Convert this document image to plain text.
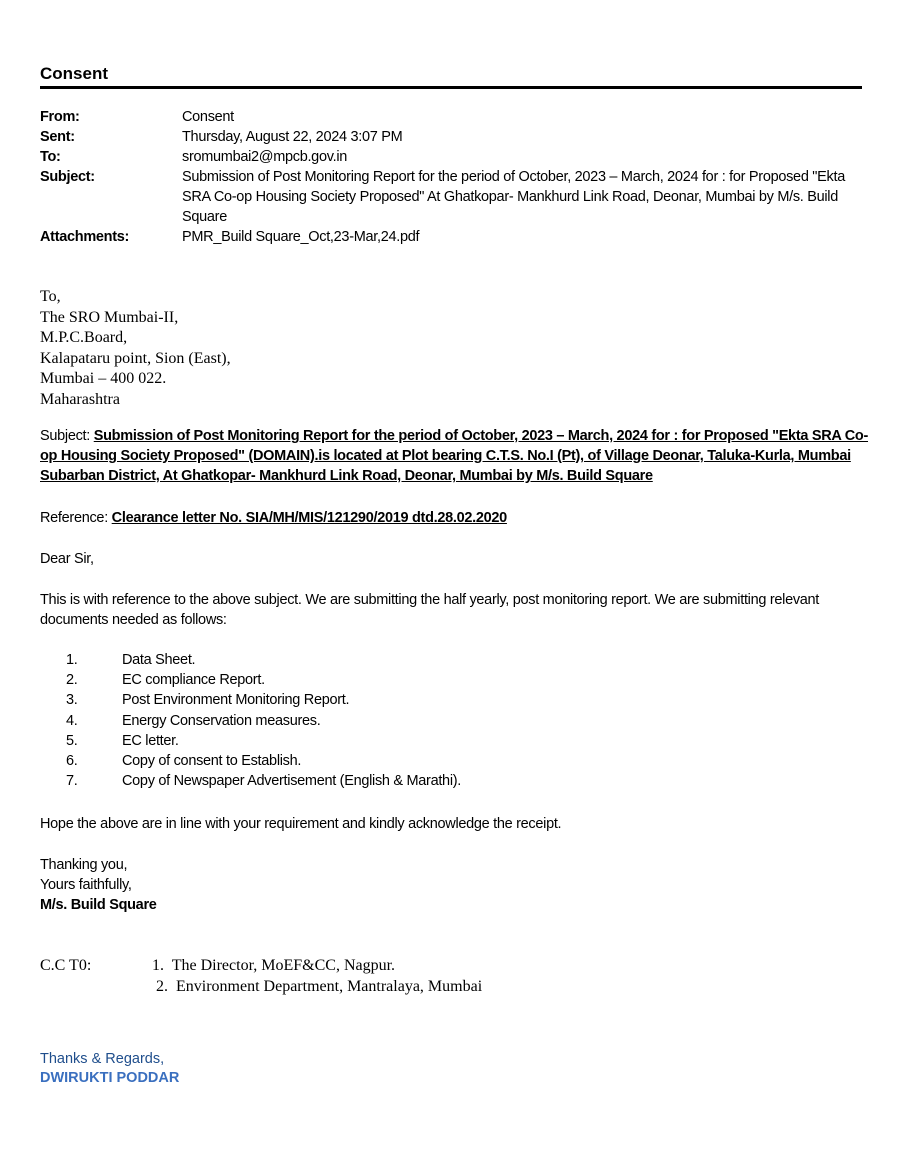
Consent
From:	Consent
Sent:	Thursday, August 22, 2024 3:07 PM
To:	sromumbai2@mpcb.gov.in
Subject:	Submission of Post Monitoring Report for the period of October, 2023 – March, 2024 for : for Proposed "Ekta SRA Co-op Housing Society Proposed" At Ghatkopar- Mankhurd Link Road, Deonar, Mumbai by M/s. Build Square
Attachments:	PMR_Build Square_Oct,23-Mar,24.pdf
To,
The SRO Mumbai-II,
M.P.C.Board,
Kalapataru point, Sion (East),
Mumbai – 400 022.
Maharashtra
Subject: Submission of Post Monitoring Report for the period of October, 2023 – March, 2024 for : for Proposed "Ekta SRA Co-op Housing Society Proposed" (DOMAIN).is located at Plot bearing C.T.S. No.I (Pt), of Village Deonar, Taluka-Kurla, Mumbai Subarban District, At Ghatkopar- Mankhurd Link Road, Deonar, Mumbai by M/s. Build Square
Reference: Clearance letter No. SIA/MH/MIS/121290/2019 dtd.28.02.2020
Dear Sir,
This is with reference to the above subject. We are submitting the half yearly, post monitoring report. We are submitting relevant documents needed as follows:
1.	Data Sheet.
2.	EC compliance Report.
3.	Post Environment Monitoring Report.
4.	Energy Conservation measures.
5.	EC letter.
6.	Copy of consent to Establish.
7.	Copy of Newspaper Advertisement (English & Marathi).
Hope the above are in line with your requirement and kindly acknowledge the receipt.
Thanking you,
Yours faithfully,
M/s. Build Square
C.C T0:	1.  The Director, MoEF&CC, Nagpur.
2.  Environment Department, Mantralaya, Mumbai
Thanks & Regards,
DWIRUKTI PODDAR
